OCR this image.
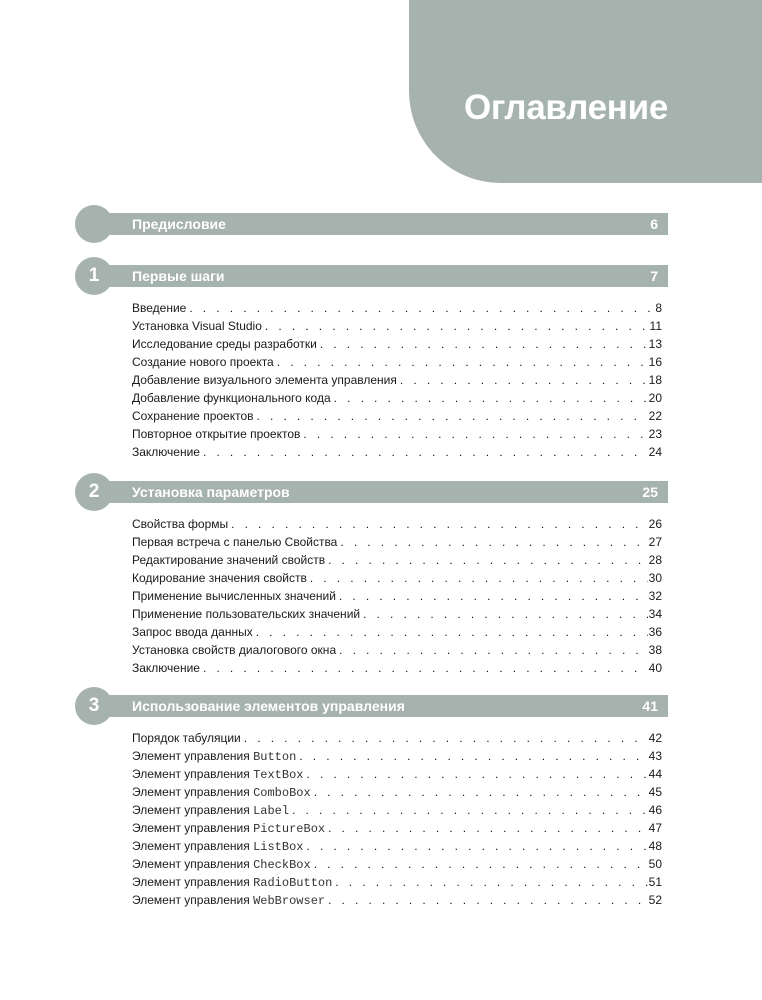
Оглавление
Предисловие	6
1	Первые шаги	7
Введение . . .	8
Установка Visual Studio . . .	11
Исследование среды разработки . . .	13
Создание нового проекта . . .	16
Добавление визуального элемента управления . . .	18
Добавление функционального кода . . .	20
Сохранение проектов . . .	22
Повторное открытие проектов . . .	23
Заключение . . .	24
2	Установка параметров	25
Свойства формы . . .	26
Первая встреча с панелью Свойства . . .	27
Редактирование значений свойств . . .	28
Кодирование значения свойств . . .	30
Применение вычисленных значений . . .	32
Применение пользовательских значений . . .	34
Запрос ввода данных . . .	36
Установка свойств диалогового окна . . .	38
Заключение . . .	40
3	Использование элементов управления	41
Порядок табуляции . . .	42
Элемент управления Button . . .	43
Элемент управления TextBox . . .	44
Элемент управления ComboBox . . .	45
Элемент управления Label . . .	46
Элемент управления PictureBox . . .	47
Элемент управления ListBox . . .	48
Элемент управления CheckBox . . .	50
Элемент управления RadioButton . . .	51
Элемент управления WebBrowser . . .	52
